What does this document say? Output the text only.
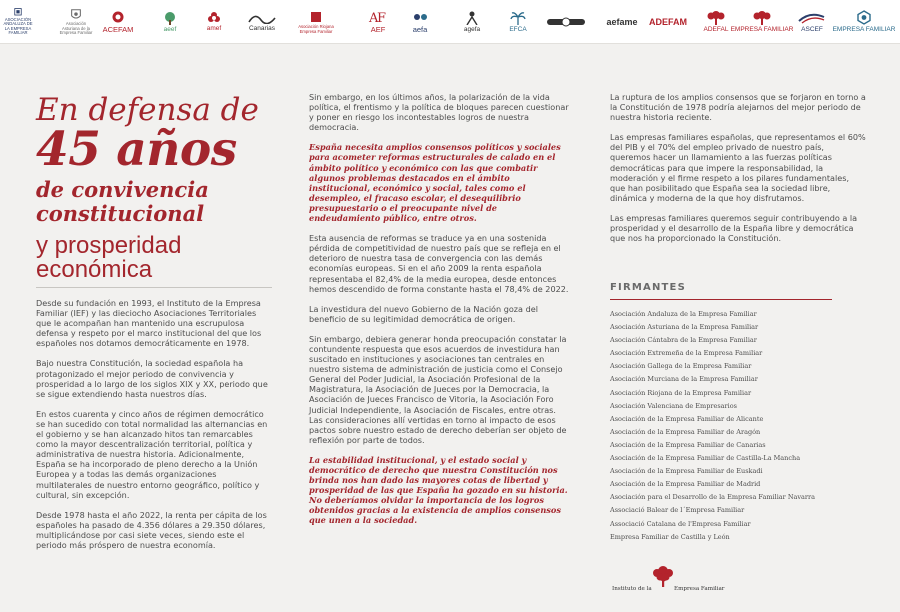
ASOCIACIÓN ANDALUZA DE LA EMPRESA FAMILIAR
Asociación Asturiana de la Empresa Familiar ACEFAM	aeef	amef	Canarias	Asociación Riojana Empresa Familiar
A
F
AEF	aefa	agefa	EFCA
aefame ADEFAM
ADEFAL EMPRESA FAMILIAR ASCEF EMPRESA FAMILIAR
En defensa de
45 años
de convivencia constitucional
y prosperidad económica

Desde su fundación en 1993, el Instituto de la Empresa Familiar (IEF) y las dieciocho Asociaciones Territoriales que le acompañan han mantenido una escrupulosa defensa y respeto por el marco institucional del que los españoles nos dotamos democráticamente en 1978.

Bajo nuestra Constitución, la sociedad española ha protagonizado el mejor periodo de convivencia y prosperidad a lo largo de los siglos XIX y XX, periodo que se sigue extendiendo hasta nuestros días.

En estos cuarenta y cinco años de régimen democrático se han sucedido con total normalidad las alternancias en el gobierno y se han alcanzado hitos tan remarcables como la mayor descentralización territorial, política y administrativa de nuestra historia. Adicionalmente, España se ha incorporado de pleno derecho a la Unión Europea y a todas las demás organizaciones multilaterales de nuestro entorno geográfico, político y cultural, sin excepción.

Desde 1978 hasta el año 2022, la renta per cápita de los españoles ha pasado de 4.356 dólares a 29.350 dólares, multiplicándose por casi siete veces, siendo este el periodo más próspero de nuestra economía.

Sin embargo, en los últimos años, la polarización de la vida política, el frentismo y la política de bloques parecen cuestionar y poner en riesgo los incontestables logros de nuestra democracia.

España necesita amplios consensos políticos y sociales para acometer reformas estructurales de calado en el ámbito político y económico con las que combatir algunos problemas destacados en el ámbito institucional, económico y social, tales como el desempleo, el fracaso escolar, el desequilibrio presupuestario o el preocupante nivel de endeudamiento público, entre otros.

Esta ausencia de reformas se traduce ya en una sostenida pérdida de competitividad de nuestro país que se refleja en el deterioro de nuestra tasa de convergencia con las demás economías europeas. Si en el año 2009 la renta española representaba el 82,4% de la media europea, desde entonces hemos descendido de forma constante hasta el 78,4% de 2022.

La investidura del nuevo Gobierno de la Nación goza del beneficio de su legitimidad democrática de origen.

Sin embargo, debiera generar honda preocupación constatar la contundente respuesta que esos acuerdos de investidura han suscitado en instituciones y asociaciones tan centrales en nuestro sistema de administración de justicia como el Consejo General del Poder Judicial, la Asociación Profesional de la Magistratura, la Asociación de Jueces por la Democracia, la Asociación de Jueces Francisco de Vitoria, la Asociación Foro Judicial Independiente, la Asociación de Fiscales, entre otras. Las consideraciones allí vertidas en torno al impacto de esos pactos sobre nuestro estado de derecho deberían ser objeto de reflexión por parte de todos.

La estabilidad institucional, y el estado social y democrático de derecho que nuestra Constitución nos brinda nos han dado las mayores cotas de libertad y prosperidad de las que España ha gozado en su historia. No deberíamos olvidar la importancia de los logros obtenidos gracias a la existencia de amplios consensos que unen a la sociedad.

La ruptura de los amplios consensos que se forjaron en torno a la Constitución de 1978 podría alejarnos del mejor periodo de nuestra historia reciente.

Las empresas familiares españolas, que representamos el 60% del PIB y el 70% del empleo privado de nuestro país, queremos hacer un llamamiento a las fuerzas políticas democráticas para que impere la responsabilidad, la moderación y el firme respeto a los pilares fundamentales, que han posibilitado que España sea la sociedad libre, dinámica y moderna de la que hoy disfrutamos.

Las empresas familiares queremos seguir contribuyendo a la prosperidad y el desarrollo de la España libre y democrática que nos ha proporcionado la Constitución.

FIRMANTES
Asociación Andaluza de la Empresa Familiar
Asociación Asturiana de la Empresa Familiar
Asociación Cántabra de la Empresa Familiar
Asociación Extremeña de la Empresa Familiar
Asociación Gallega de la Empresa Familiar
Asociación Murciana de la Empresa Familiar
Asociación Riojana de la Empresa Familiar
Asociación Valenciana de Empresarios
Asociación de la Empresa Familiar de Alicante
Asociación de la Empresa Familiar de Aragón
Asociación de la Empresa Familiar de Canarias
Asociación de la Empresa Familiar de Castilla-La Mancha
Asociación de la Empresa Familiar de Euskadi
Asociación de la Empresa Familiar de Madrid
Asociación para el Desarrollo de la Empresa Familiar Navarra
Associació Balear de l´Empresa Familiar
Associació Catalana de l'Empresa Familiar
Empresa Familiar de Castilla y León
Instituto de la	Empresa Familiar
